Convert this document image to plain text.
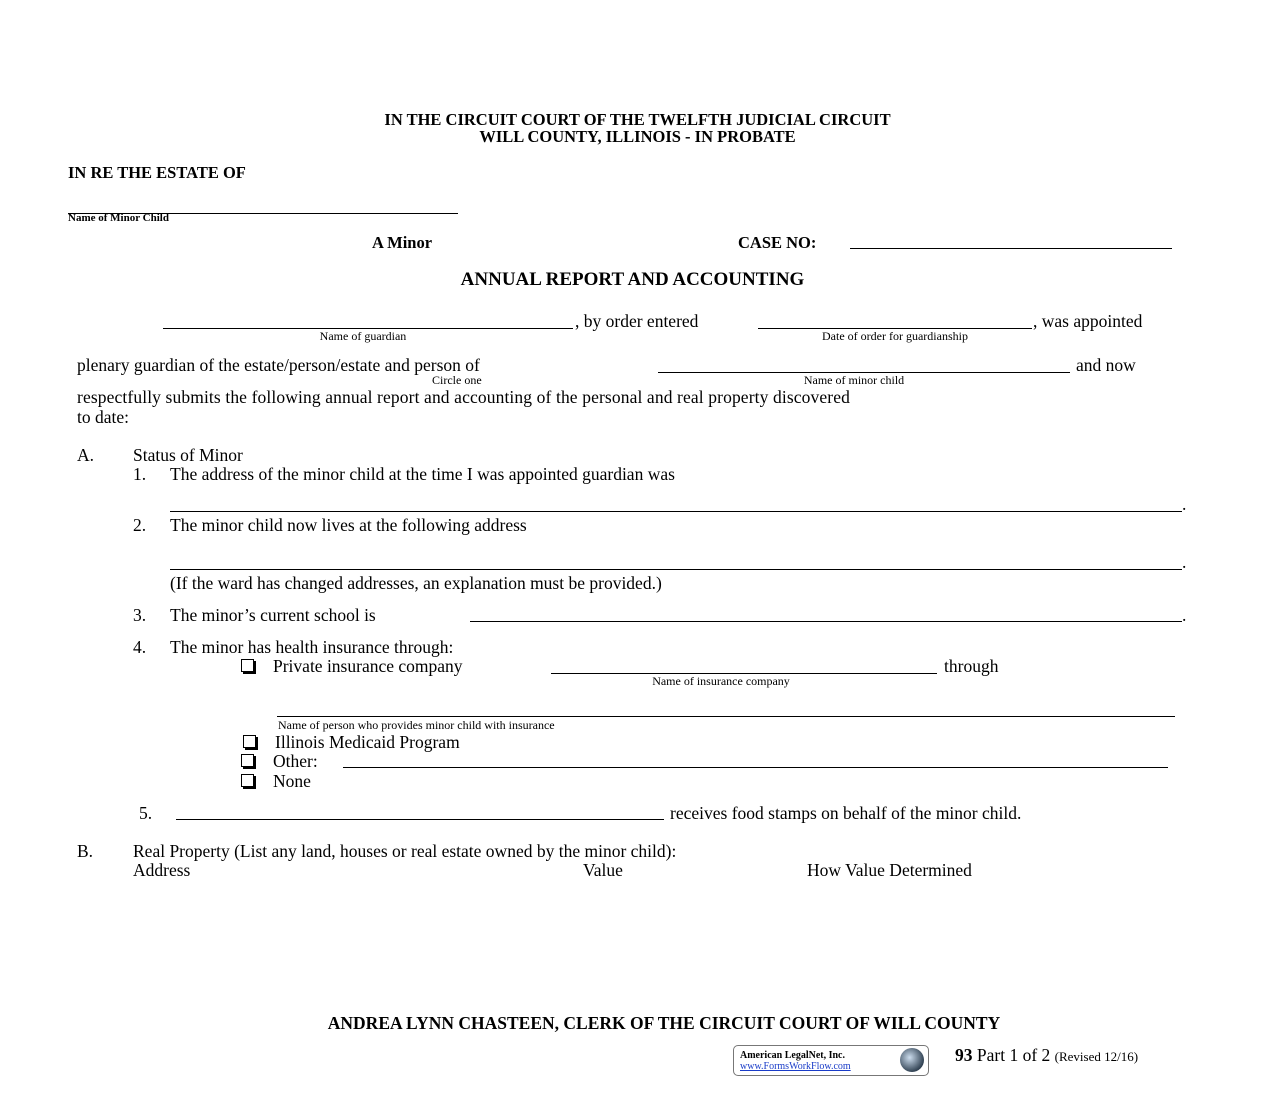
IN THE CIRCUIT COURT OF THE TWELFTH JUDICIAL CIRCUIT
WILL COUNTY, ILLINOIS - IN PROBATE
IN RE THE ESTATE OF
Name of Minor Child
A Minor	CASE NO:
ANNUAL REPORT AND ACCOUNTING
, by order entered	, was appointed
Name of guardian	Date of order for guardianship
plenary guardian of the estate/person/estate and person of	and now
Circle one	Name of minor child
respectfully submits the following annual report and accounting of the personal and real property discovered
to date:
A. Status of Minor
1. The address of the minor child at the time I was appointed guardian was
.
2. The minor child now lives at the following address
.
(If the ward has changed addresses, an explanation must be provided.)
3. The minor’s current school is	.
4. The minor has health insurance through:
Private insurance company	through
Name of insurance company
Name of person who provides minor child with insurance
Illinois Medicaid Program
Other:
None
5.	receives food stamps on behalf of the minor child.
B. Real Property (List any land, houses or real estate owned by the minor child):
Address	Value	How Value Determined
ANDREA LYNN CHASTEEN, CLERK OF THE CIRCUIT COURT OF WILL COUNTY
American LegalNet, Inc.
www.FormsWorkFlow.com
93 Part 1 of 2 (Revised 12/16)
